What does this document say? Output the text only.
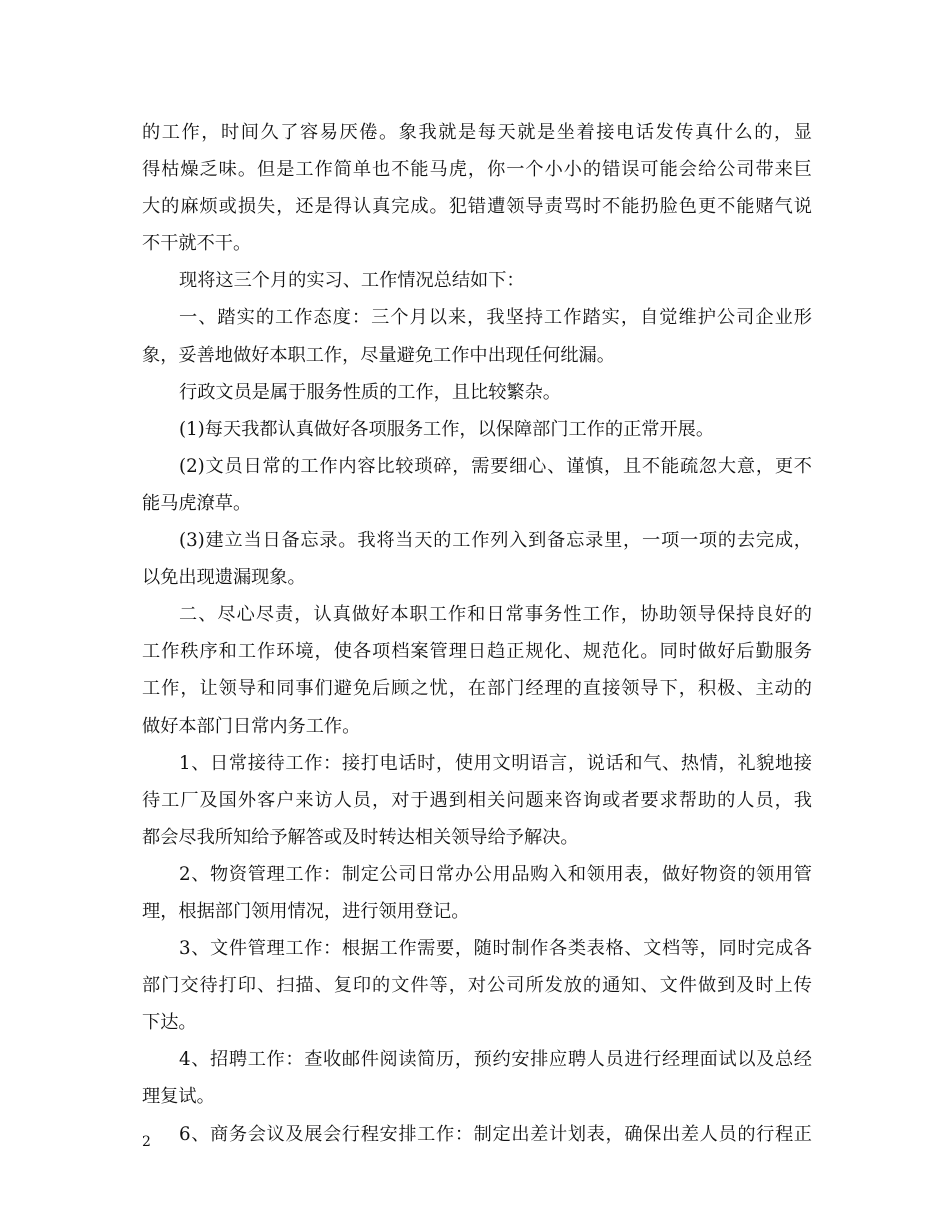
的工作，时间久了容易厌倦。象我就是每天就是坐着接电话发传真什么的，显
得枯燥乏味。但是工作简单也不能马虎，你一个小小的错误可能会给公司带来巨
大的麻烦或损失，还是得认真完成。犯错遭领导责骂时不能扔脸色更不能赌气说
不干就不干。
现将这三个月的实习、工作情况总结如下：
一、踏实的工作态度：三个月以来，我坚持工作踏实，自觉维护公司企业形
象，妥善地做好本职工作，尽量避免工作中出现任何纰漏。
行政文员是属于服务性质的工作，且比较繁杂。
(1)每天我都认真做好各项服务工作，以保障部门工作的正常开展。
(2)文员日常的工作内容比较琐碎，需要细心、谨慎，且不能疏忽大意，更不
能马虎潦草。
(3)建立当日备忘录。我将当天的工作列入到备忘录里，一项一项的去完成，
以免出现遗漏现象。
二、尽心尽责，认真做好本职工作和日常事务性工作，协助领导保持良好的
工作秩序和工作环境，使各项档案管理日趋正规化、规范化。同时做好后勤服务
工作，让领导和同事们避免后顾之忧，在部门经理的直接领导下，积极、主动的
做好本部门日常内务工作。
1、日常接待工作：接打电话时，使用文明语言，说话和气、热情，礼貌地接
待工厂及国外客户来访人员，对于遇到相关问题来咨询或者要求帮助的人员，我
都会尽我所知给予解答或及时转达相关领导给予解决。
2、物资管理工作：制定公司日常办公用品购入和领用表，做好物资的领用管
理，根据部门领用情况，进行领用登记。
3、文件管理工作：根据工作需要，随时制作各类表格、文档等，同时完成各
部门交待打印、扫描、复印的文件等，对公司所发放的通知、文件做到及时上传
下达。
4、招聘工作：查收邮件阅读简历，预约安排应聘人员进行经理面试以及总经
理复试。
6、商务会议及展会行程安排工作：制定出差计划表，确保出差人员的行程正
2
